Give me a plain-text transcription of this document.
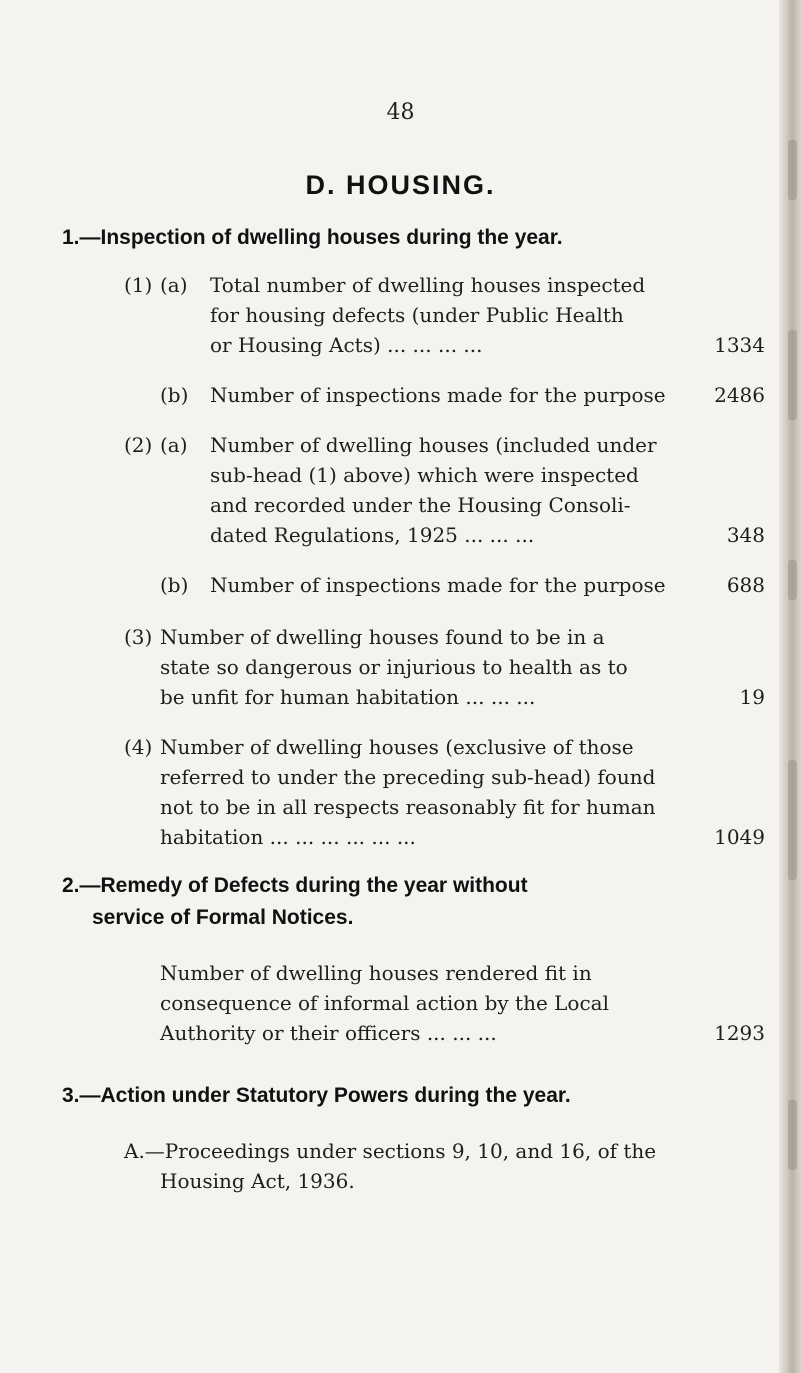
48
D. HOUSING.
1.—Inspection of dwelling houses during the year.
(1) (a) Total number of dwelling houses inspected
for housing defects (under Public Health
or Housing Acts) ... ... ... ...	1334
(b) Number of inspections made for the purpose	2486
(2) (a) Number of dwelling houses (included under
sub-head (1) above) which were inspected
and recorded under the Housing Consoli-
dated Regulations, 1925 ... ... ...	348
(b) Number of inspections made for the purpose	688
(3) Number of dwelling houses found to be in a
state so dangerous or injurious to health as to
be unfit for human habitation ... ... ...	19
(4) Number of dwelling houses (exclusive of those
referred to under the preceding sub-head) found
not to be in all respects reasonably fit for human
habitation ... ... ... ... ... ...	1049
2.—Remedy of Defects during the year without
service of Formal Notices.
Number of dwelling houses rendered fit in
consequence of informal action by the Local
Authority or their officers ... ... ...	1293
3.—Action under Statutory Powers during the year.
A.—Proceedings under sections 9, 10, and 16, of the
Housing Act, 1936.
